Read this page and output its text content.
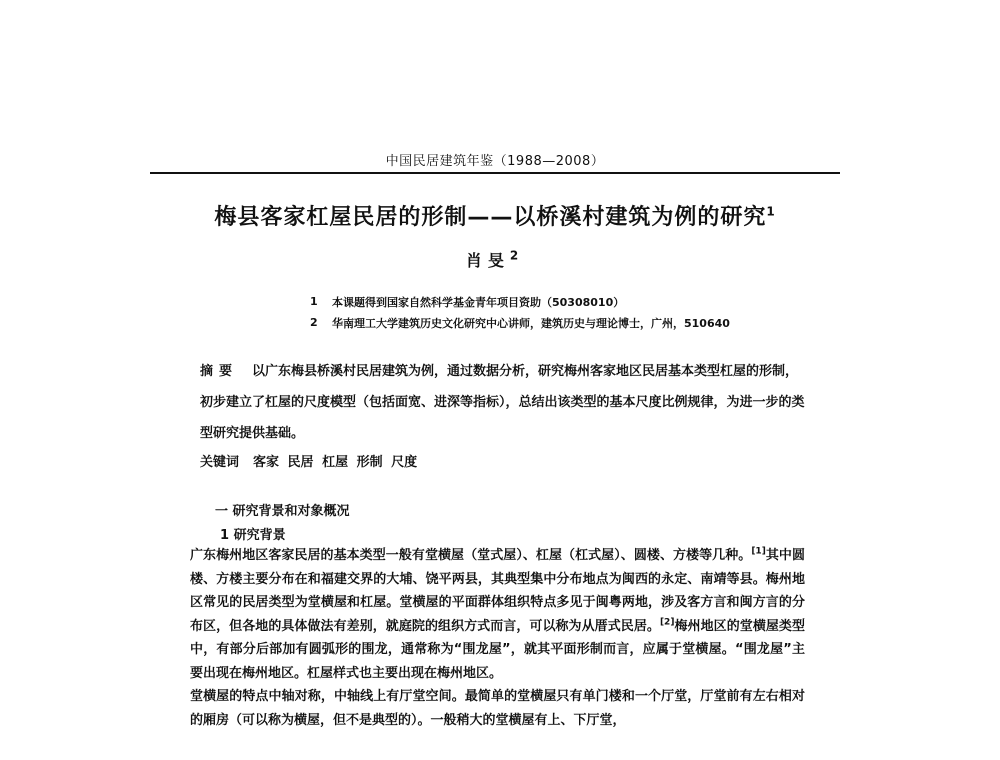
中国民居建筑年鉴（1988—2008）
梅县客家杠屋民居的形制——以桥溪村建筑为例的研究$^1$
肖旻$^2$
1	本课题得到国家自然科学基金青年项目资助（50308010）
2	华南理工大学建筑历史文化研究中心讲师，建筑历史与理论博士，广州，510640
摘要 以广东梅县桥溪村民居建筑为例，通过数据分析，研究梅州客家地区民居基本类型杠屋的形制，初步建立了杠屋的尺度模型（包括面宽、进深等指标），总结出该类型的基本尺度比例规律，为进一步的类型研究提供基础。
关键词 客家 民居 杠屋 形制 尺度
一 研究背景和对象概况
1 研究背景

广东梅州地区客家民居的基本类型一般有堂横屋（堂式屋）、杠屋（杠式屋）、圆楼、方楼等几种。[1]其中圆楼、方楼主要分布在和福建交界的大埔、饶平两县，其典型集中分布地点为闽西的永定、南靖等县。梅州地区常见的民居类型为堂横屋和杠屋。堂横屋的平面群体组织特点多见于闽粤两地，涉及客方言和闽方言的分布区，但各地的具体做法有差别，就庭院的组织方式而言，可以称为从厝式民居。[2]梅州地区的堂横屋类型中，有部分后部加有圆弧形的围龙，通常称为“围龙屋”，就其平面形制而言，应属于堂横屋。“围龙屋”主要出现在梅州地区。杠屋样式也主要出现在梅州地区。

堂横屋的特点中轴对称，中轴线上有厅堂空间。最简单的堂横屋只有单门楼和一个厅堂，厅堂前有左右相对的厢房（可以称为横屋，但不是典型的）。一般稍大的堂横屋有上、下厅堂，
